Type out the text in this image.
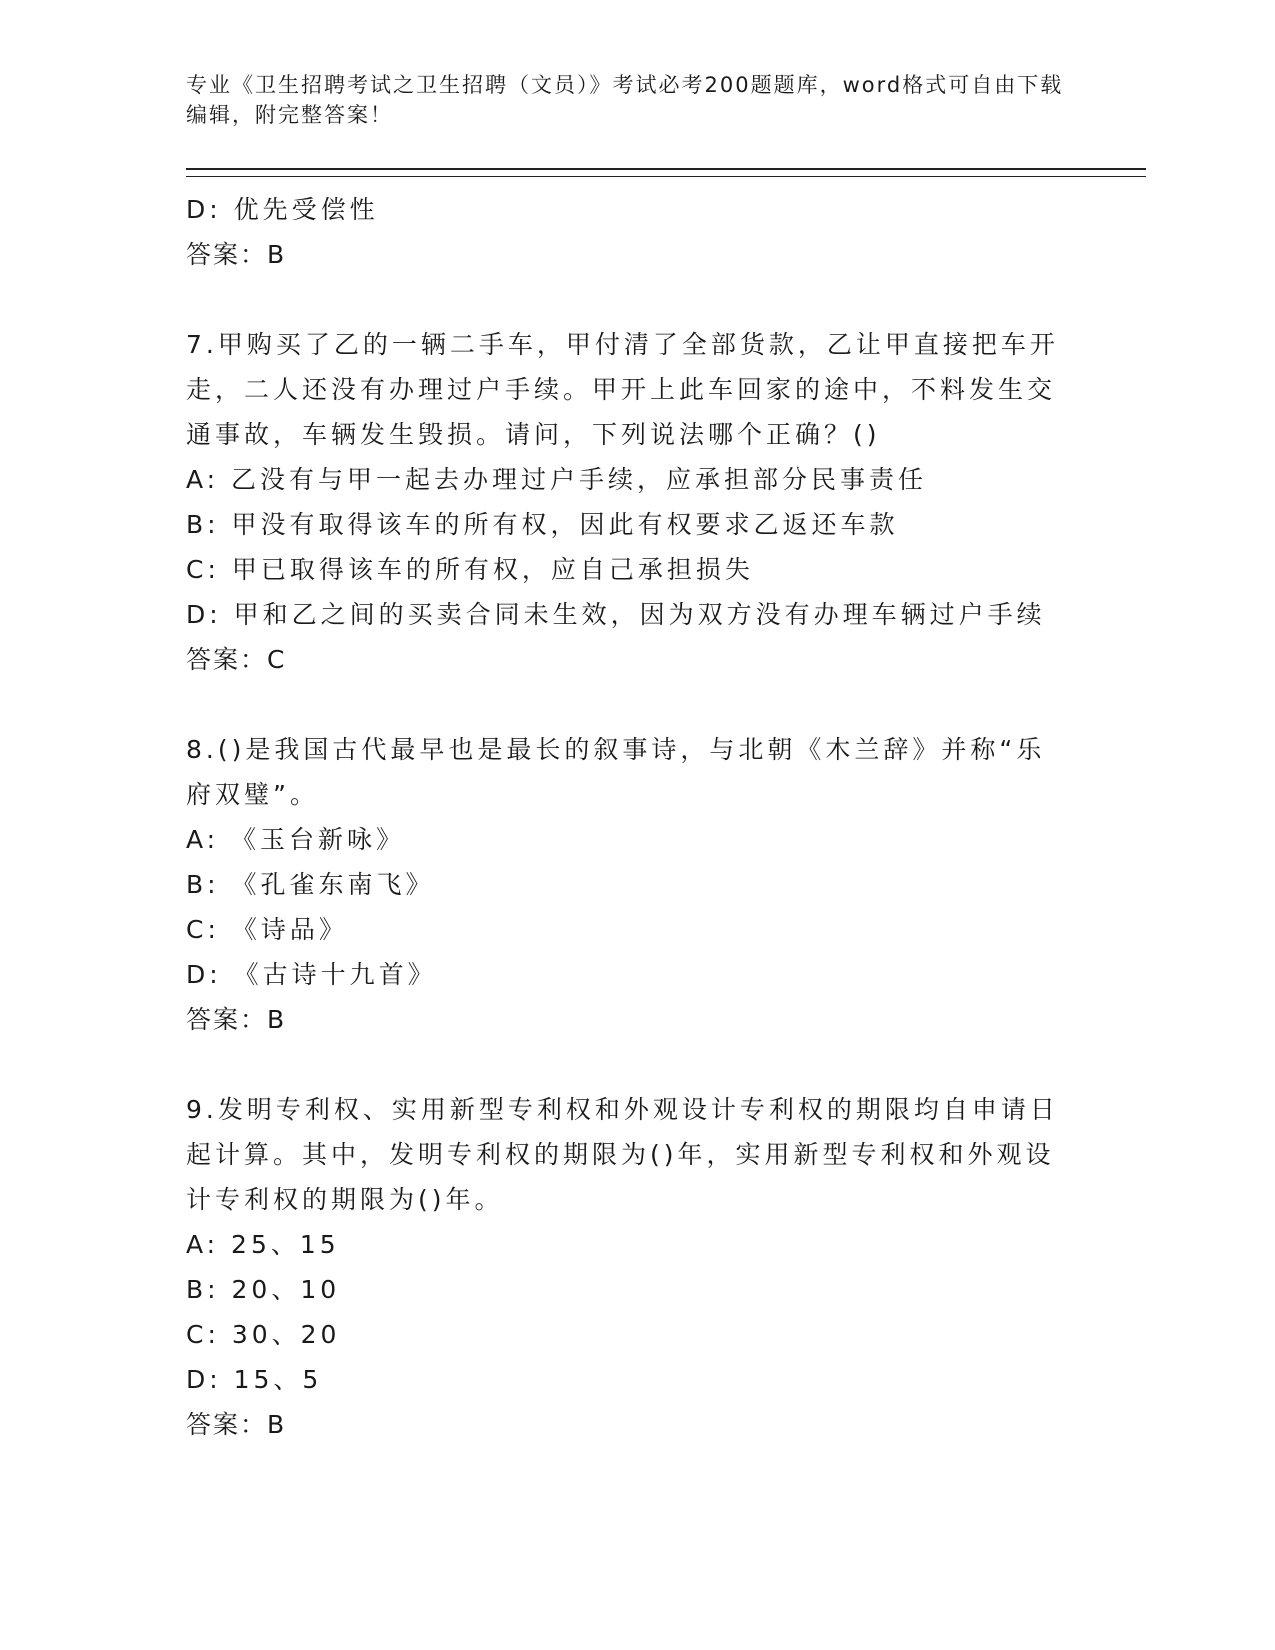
专业《卫生招聘考试之卫生招聘（文员）》考试必考200题题库，word格式可自由下载编辑，附完整答案！

D: 优先受偿性

答案：B

7.甲购买了乙的一辆二手车，甲付清了全部货款，乙让甲直接把车开走，二人还没有办理过户手续。甲开上此车回家的途中，不料发生交通事故，车辆发生毁损。请问，下列说法哪个正确？()

A: 乙没有与甲一起去办理过户手续，应承担部分民事责任

B: 甲没有取得该车的所有权，因此有权要求乙返还车款

C: 甲已取得该车的所有权，应自己承担损失

D: 甲和乙之间的买卖合同未生效，因为双方没有办理车辆过户手续

答案：C

8.()是我国古代最早也是最长的叙事诗，与北朝《木兰辞》并称“乐府双璧”。

A: 《玉台新咏》

B: 《孔雀东南飞》

C: 《诗品》

D: 《古诗十九首》

答案：B

9.发明专利权、实用新型专利权和外观设计专利权的期限均自申请日起计算。其中，发明专利权的期限为()年，实用新型专利权和外观设计专利权的期限为()年。

A: 25、15

B: 20、10

C: 30、20

D: 15、5

答案：B
